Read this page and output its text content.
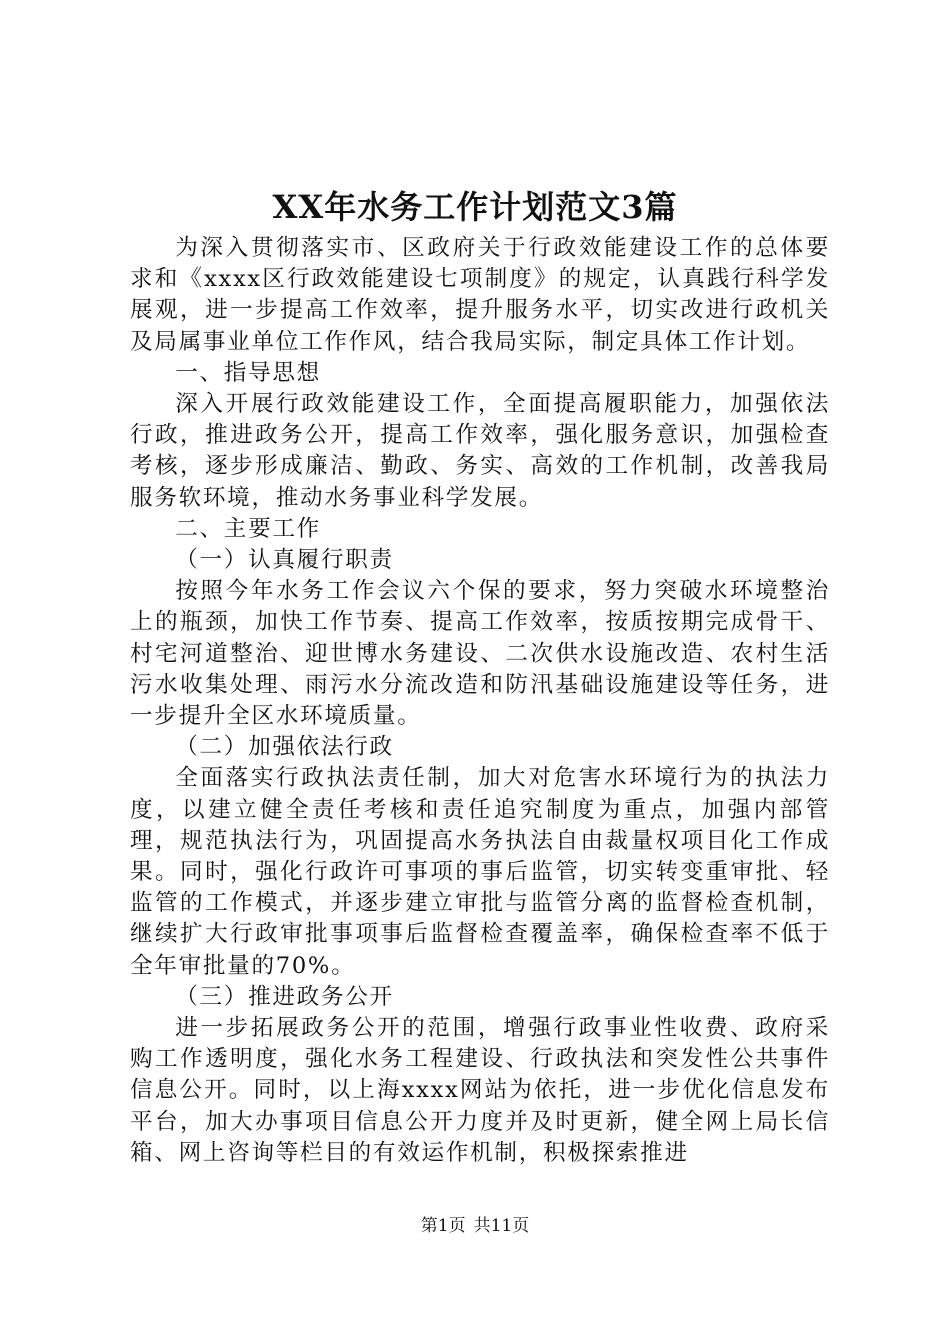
XX年水务工作计划范文3篇

为深入贯彻落实市、区政府关于行政效能建设工作的总体要求和《xxxx区行政效能建设七项制度》的规定，认真践行科学发展观，进一步提高工作效率，提升服务水平，切实改进行政机关及局属事业单位工作作风，结合我局实际，制定具体工作计划。

一、指导思想

深入开展行政效能建设工作，全面提高履职能力，加强依法行政，推进政务公开，提高工作效率，强化服务意识，加强检查考核，逐步形成廉洁、勤政、务实、高效的工作机制，改善我局服务软环境，推动水务事业科学发展。

二、主要工作

（一）认真履行职责

按照今年水务工作会议六个保的要求，努力突破水环境整治上的瓶颈，加快工作节奏、提高工作效率，按质按期完成骨干、村宅河道整治、迎世博水务建设、二次供水设施改造、农村生活污水收集处理、雨污水分流改造和防汛基础设施建设等任务，进一步提升全区水环境质量。

（二）加强依法行政

全面落实行政执法责任制，加大对危害水环境行为的执法力度，以建立健全责任考核和责任追究制度为重点，加强内部管理，规范执法行为，巩固提高水务执法自由裁量权项目化工作成果。同时，强化行政许可事项的事后监管，切实转变重审批、轻监管的工作模式，并逐步建立审批与监管分离的监督检查机制，继续扩大行政审批事项事后监督检查覆盖率，确保检查率不低于全年审批量的70%。

（三）推进政务公开

进一步拓展政务公开的范围，增强行政事业性收费、政府采购工作透明度，强化水务工程建设、行政执法和突发性公共事件信息公开。同时，以上海xxxx网站为依托，进一步优化信息发布平台，加大办事项目信息公开力度并及时更新，健全网上局长信箱、网上咨询等栏目的有效运作机制，积极探索推进

第1页 共11页
